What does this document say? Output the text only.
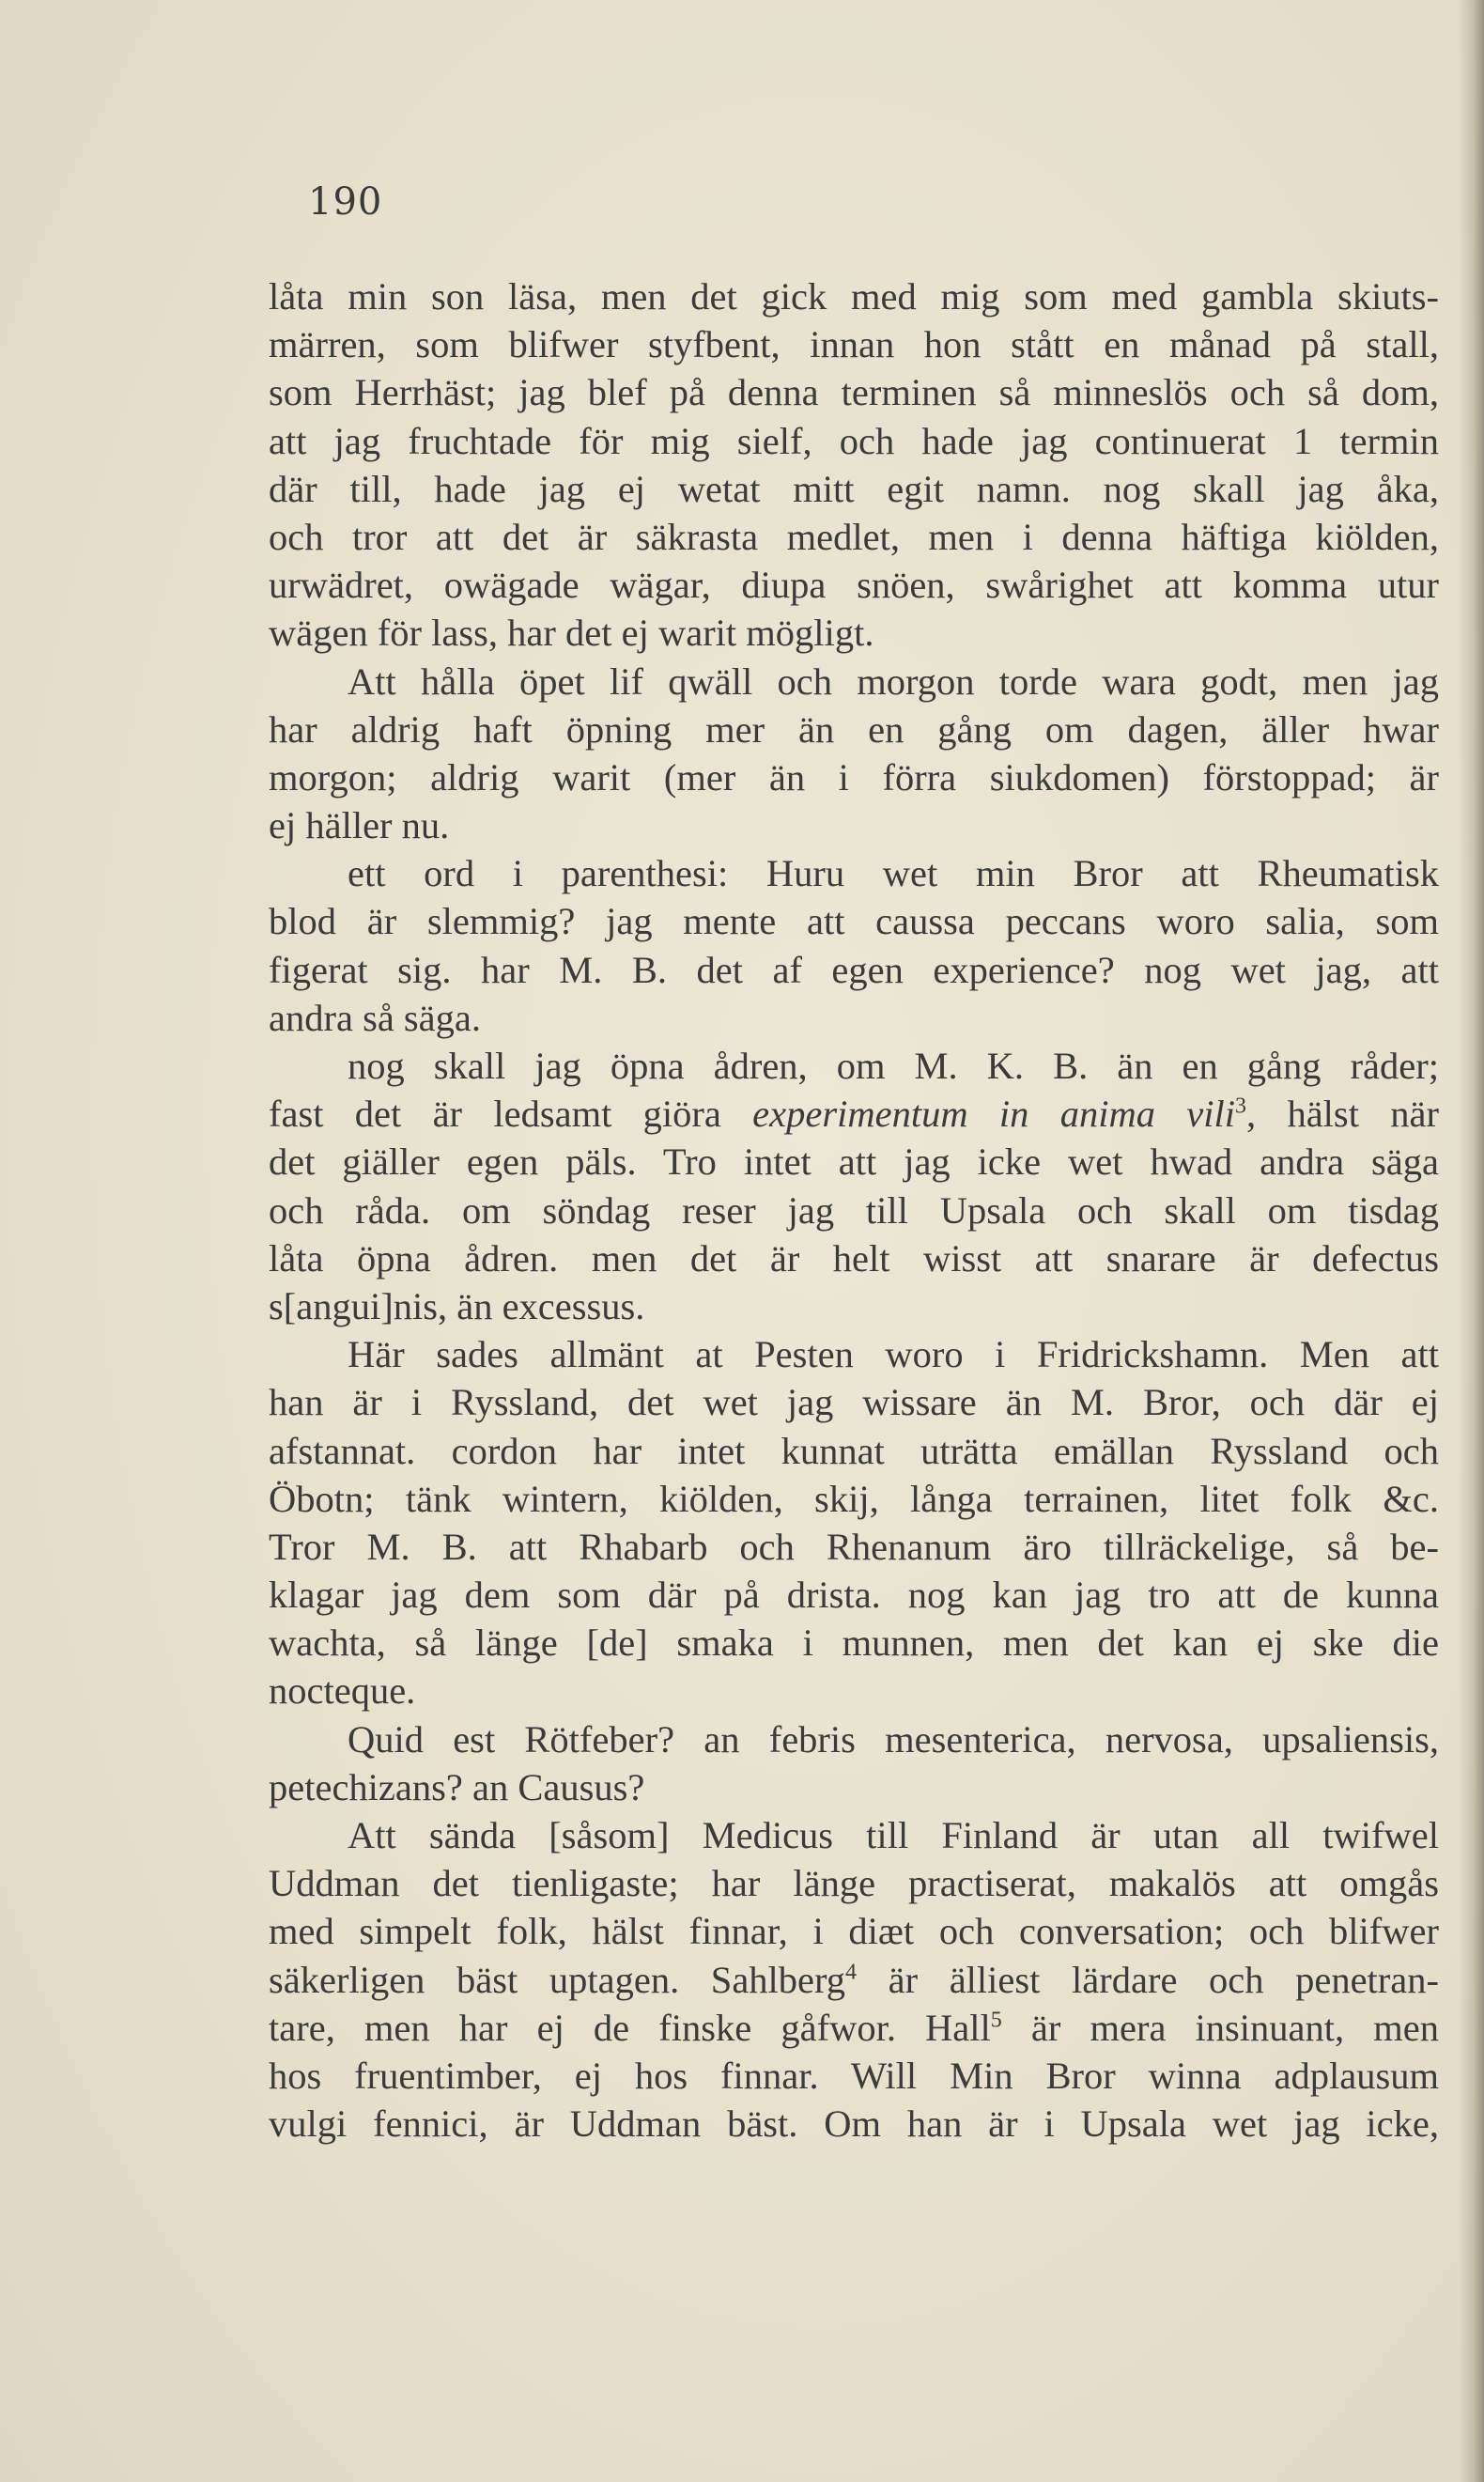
190
låta min son läsa, men det gick med mig som med gambla skiuts-
märren, som blifwer styfbent, innan hon stått en månad på stall,
som Herrhäst; jag blef på denna terminen så minneslös och så dom,
att jag fruchtade för mig sielf, och hade jag continuerat 1 termin
där till, hade jag ej wetat mitt egit namn. nog skall jag åka,
och tror att det är säkrasta medlet, men i denna häftiga kiölden,
urwädret, owägade wägar, diupa snöen, swårighet att komma utur
wägen för lass, har det ej warit mögligt.
Att hålla öpet lif qwäll och morgon torde wara godt, men jag
har aldrig haft öpning mer än en gång om dagen, äller hwar
morgon; aldrig warit (mer än i förra siukdomen) förstoppad; är
ej häller nu.
ett ord i parenthesi: Huru wet min Bror att Rheumatisk
blod är slemmig? jag mente att caussa peccans woro salia, som
figerat sig. har M. B. det af egen experience? nog wet jag, att
andra så säga.
nog skall jag öpna ådren, om M. K. B. än en gång råder;
fast det är ledsamt giöra experimentum in anima vili$^3$, hälst när
det giäller egen päls. Tro intet att jag icke wet hwad andra säga
och råda. om söndag reser jag till Upsala och skall om tisdag
låta öpna ådren. men det är helt wisst att snarare är defectus
s[angui]nis, än excessus.
Här sades allmänt at Pesten woro i Fridrickshamn. Men att
han är i Ryssland, det wet jag wissare än M. Bror, och där ej
afstannat. cordon har intet kunnat uträtta emällan Ryssland och
Öbotn; tänk wintern, kiölden, skij, långa terrainen, litet folk &c.
Tror M. B. att Rhabarb och Rhenanum äro tillräckelige, så be-
klagar jag dem som där på drista. nog kan jag tro att de kunna
wachta, så länge [de] smaka i munnen, men det kan ej ske die
nocteque.
Quid est Rötfeber? an febris mesenterica, nervosa, upsaliensis,
petechizans? an Causus?
Att sända [såsom] Medicus till Finland är utan all twifwel
Uddman det tienligaste; har länge practiserat, makalös att omgås
med simpelt folk, hälst finnar, i diæt och conversation; och blifwer
säkerligen bäst uptagen. Sahlberg$^4$ är älliest lärdare och penetran-
tare, men har ej de finske gåfwor. Hall$^5$ är mera insinuant, men
hos fruentimber, ej hos finnar. Will Min Bror winna adplausum
vulgi fennici, är Uddman bäst. Om han är i Upsala wet jag icke,
